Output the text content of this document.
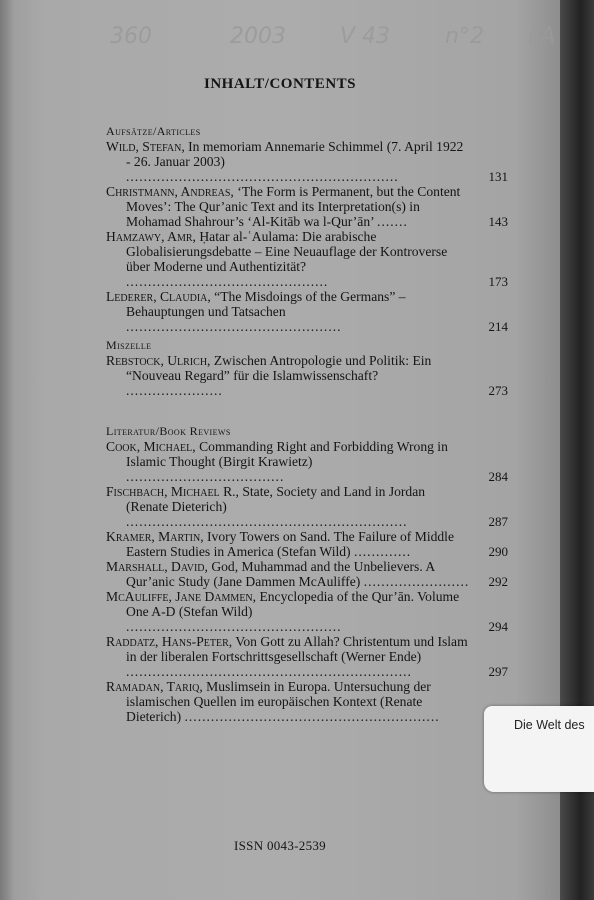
360	2003 V 43 n°2 LA
INHALT/CONTENTS
Aufsätze/Articles
Wild, Stefan, In memoriam Annemarie Schimmel (7. April 1922 - 26. Januar 2003) ..............................................................	131
Christmann, Andreas, ‘The Form is Permanent, but the Content Moves’: The Qur’anic Text and its Interpretation(s) in Mohamad Shahrour’s ‘Al-Kitāb wa l-Qur’ān’ .......	143
Hamzawy, Amr, Ḥatar al-ʿAulama: Die arabische Globalisierungsdebatte – Eine Neuauflage der Kontroverse über Moderne und Authentizität? ..............................................	173
Lederer, Claudia, “The Misdoings of the Germans” – Behauptungen und Tatsachen .................................................	214
Miszelle
Rebstock, Ulrich, Zwischen Antropologie und Politik: Ein “Nouveau Regard” für die Islamwissenschaft? ......................	273
Literatur/Book Reviews
Cook, Michael, Commanding Right and Forbidding Wrong in Islamic Thought (Birgit Krawietz) ....................................	284
Fischbach, Michael R., State, Society and Land in Jordan (Renate Dieterich) ................................................................	287
Kramer, Martin, Ivory Towers on Sand. The Failure of Middle Eastern Studies in America (Stefan Wild) .............	290
Marshall, David, God, Muhammad and the Unbelievers. A Qur’anic Study (Jane Dammen McAuliffe) ........................	292
McAuliffe, Jane Dammen, Encyclopedia of the Qur’ān. Volume One A-D (Stefan Wild) .................................................	294
Raddatz, Hans-Peter, Von Gott zu Allah? Christentum und Islam in der liberalen Fortschrittsgesellschaft (Werner Ende) .................................................................	297
Ramadan, Tariq, Muslimsein in Europa. Untersuchung der islamischen Quellen im europäischen Kontext (Renate Dieterich) ..........................................................
ISSN 0043-2539
Die Welt des
